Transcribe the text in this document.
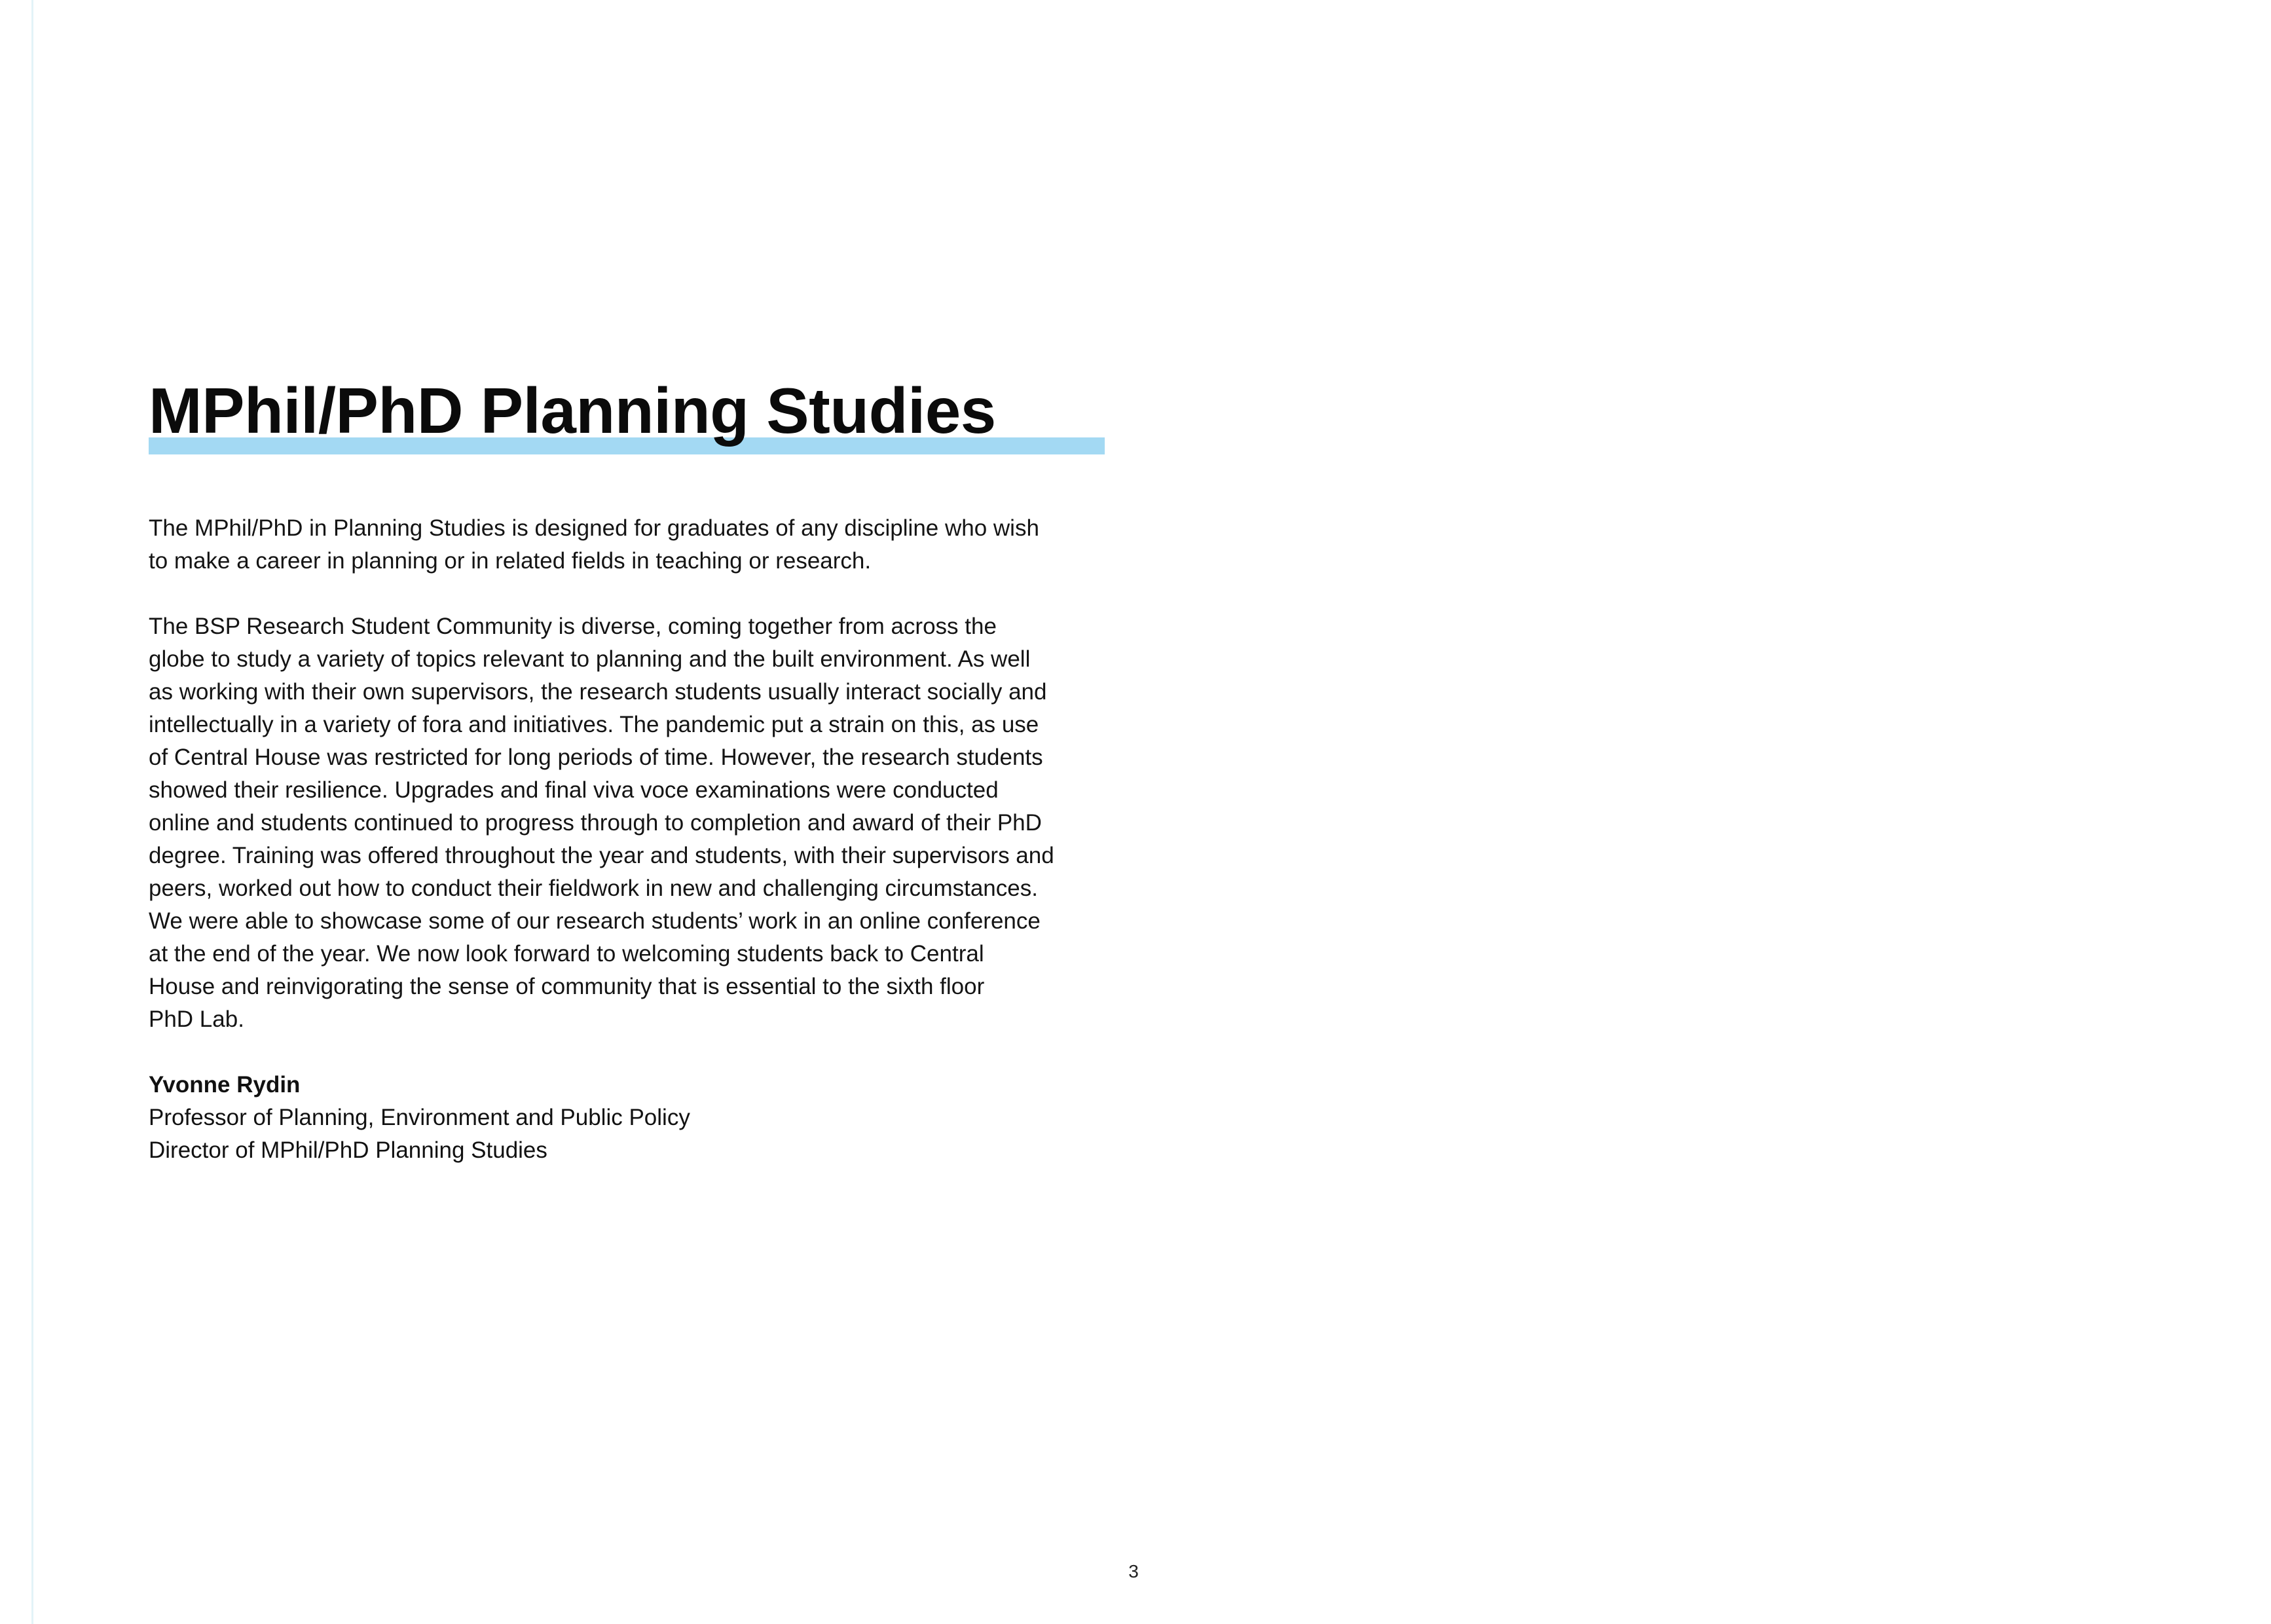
MPhil/PhD Planning Studies

The MPhil/PhD in Planning Studies is designed for graduates of any discipline who wish
to make a career in planning or in related fields in teaching or research.

The BSP Research Student Community is diverse, coming together from across the
globe to study a variety of topics relevant to planning and the built environment. As well
as working with their own supervisors, the research students usually interact socially and
intellectually in a variety of fora and initiatives. The pandemic put a strain on this, as use
of Central House was restricted for long periods of time. However, the research students
showed their resilience. Upgrades and final viva voce examinations were conducted
online and students continued to progress through to completion and award of their PhD
degree. Training was offered throughout the year and students, with their supervisors and
peers, worked out how to conduct their fieldwork in new and challenging circumstances.
We were able to showcase some of our research students’ work in an online conference
at the end of the year. We now look forward to welcoming students back to Central
House and reinvigorating the sense of community that is essential to the sixth floor
PhD Lab.

Yvonne Rydin
Professor of Planning, Environment and Public Policy
Director of MPhil/PhD Planning Studies
3
